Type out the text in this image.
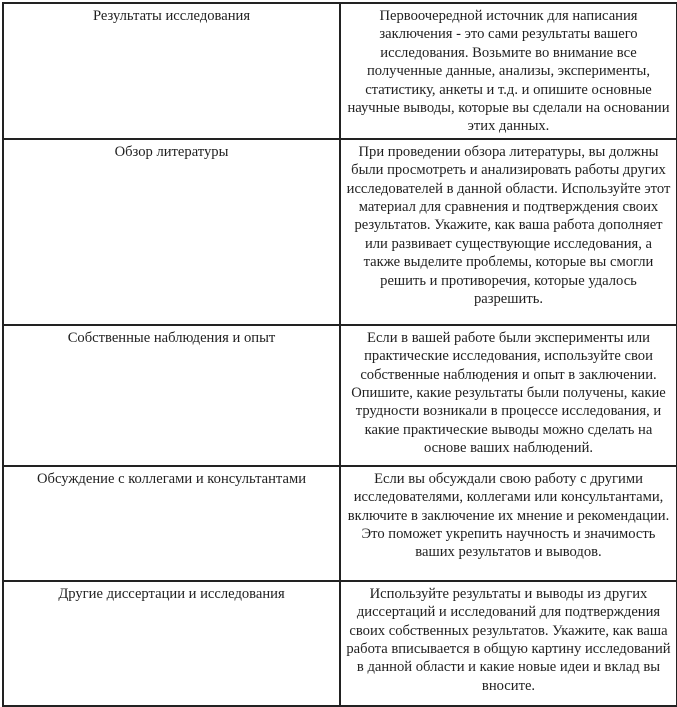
Результаты исследования	Первоочередной источник для написания заключения - это сами результаты вашего исследования. Возьмите во внимание все полученные данные, анализы, эксперименты, статистику, анкеты и т.д. и опишите основные научные выводы, которые вы сделали на основании этих данных.
Обзор литературы	При проведении обзора литературы, вы должны были просмотреть и анализировать работы других исследователей в данной области. Используйте этот материал для сравнения и подтверждения своих результатов. Укажите, как ваша работа дополняет или развивает существующие исследования, а также выделите проблемы, которые вы смогли решить и противоречия, которые удалось разрешить.
Собственные наблюдения и опыт	Если в вашей работе были эксперименты или практические исследования, используйте свои собственные наблюдения и опыт в заключении. Опишите, какие результаты были получены, какие трудности возникали в процессе исследования, и какие практические выводы можно сделать на основе ваших наблюдений.
Обсуждение с коллегами и консультантами	Если вы обсуждали свою работу с другими исследователями, коллегами или консультантами, включите в заключение их мнение и рекомендации. Это поможет укрепить научность и значимость ваших результатов и выводов.
Другие диссертации и исследования	Используйте результаты и выводы из других диссертаций и исследований для подтверждения своих собственных результатов. Укажите, как ваша работа вписывается в общую картину исследований в данной области и какие новые идеи и вклад вы вносите.
